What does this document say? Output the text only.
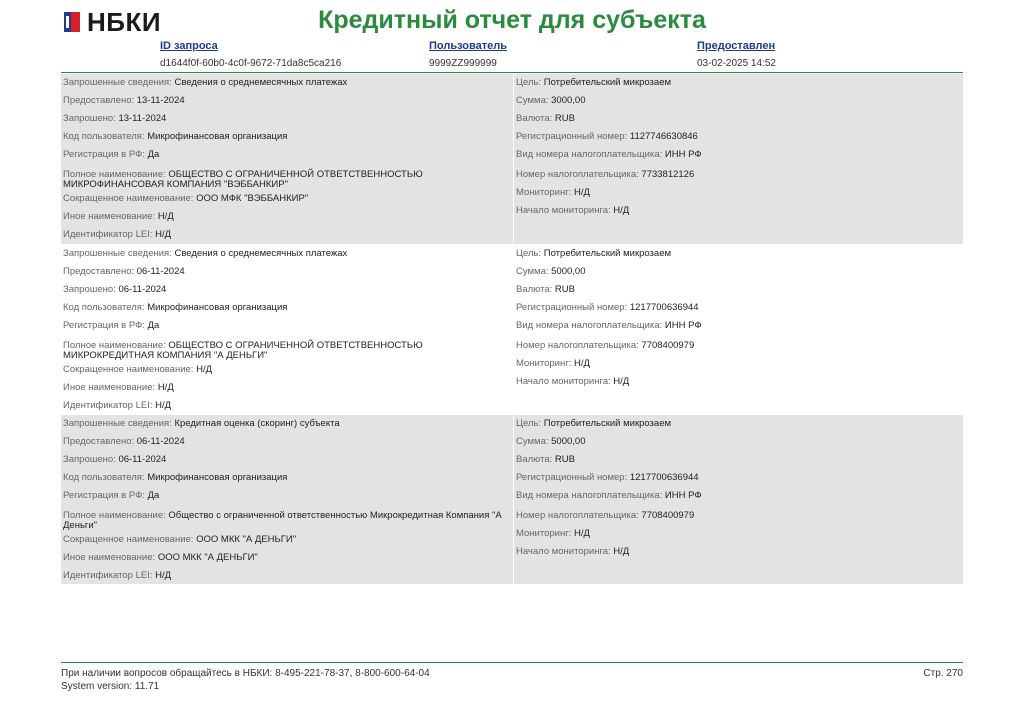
НБКИ	Кредитный отчет для субъекта
ID запроса
d1644f0f-60b0-4c0f-9672-71da8c5ca216
Пользователь
9999ZZ999999
Предоставлен
03-02-2025 14:52
Запрошенные сведения: Сведения о среднемесячных платежах
Предоставлено: 13-11-2024
Запрошено: 13-11-2024
Код пользователя: Микрофинансовая организация
Регистрация в РФ: Да
Полное наименование: ОБЩЕСТВО С ОГРАНИЧЕННОЙ ОТВЕТСТВЕННОСТЬЮ МИКРОФИНАНСОВАЯ КОМПАНИЯ "ВЭББАНКИР"
Сокращенное наименование: ООО МФК "ВЭББАНКИР"
Иное наименование: Н/Д
Идентификатор LEI: Н/Д
Цель: Потребительский микрозаем
Сумма: 3000,00
Валюта: RUB
Регистрационный номер: 1127746630846
Вид номера налогоплательщика: ИНН РФ
Номер налогоплательщика: 7733812126
Мониторинг: Н/Д
Начало мониторинга: Н/Д
Запрошенные сведения: Сведения о среднемесячных платежах
Предоставлено: 06-11-2024
Запрошено: 06-11-2024
Код пользователя: Микрофинансовая организация
Регистрация в РФ: Да
Полное наименование: ОБЩЕСТВО С ОГРАНИЧЕННОЙ ОТВЕТСТВЕННОСТЬЮ МИКРОКРЕДИТНАЯ КОМПАНИЯ "А ДЕНЬГИ"
Сокращенное наименование: Н/Д
Иное наименование: Н/Д
Идентификатор LEI: Н/Д
Цель: Потребительский микрозаем
Сумма: 5000,00
Валюта: RUB
Регистрационный номер: 1217700636944
Вид номера налогоплательщика: ИНН РФ
Номер налогоплательщика: 7708400979
Мониторинг: Н/Д
Начало мониторинга: Н/Д
Запрошенные сведения: Кредитная оценка (скоринг) субъекта
Предоставлено: 06-11-2024
Запрошено: 06-11-2024
Код пользователя: Микрофинансовая организация
Регистрация в РФ: Да
Полное наименование: Общество с ограниченной ответственностью Микрокредитная Компания "А Деньги"
Сокращенное наименование: ООО МКК "А ДЕНЬГИ"
Иное наименование: ООО МКК "А ДЕНЬГИ"
Идентификатор LEI: Н/Д
Цель: Потребительский микрозаем
Сумма: 5000,00
Валюта: RUB
Регистрационный номер: 1217700636944
Вид номера налогоплательщика: ИНН РФ
Номер налогоплательщика: 7708400979
Мониторинг: Н/Д
Начало мониторинга: Н/Д
При наличии вопросов обращайтесь в НБКИ: 8-495-221-78-37, 8-800-600-64-04
System version: 11.71
Стр. 270
